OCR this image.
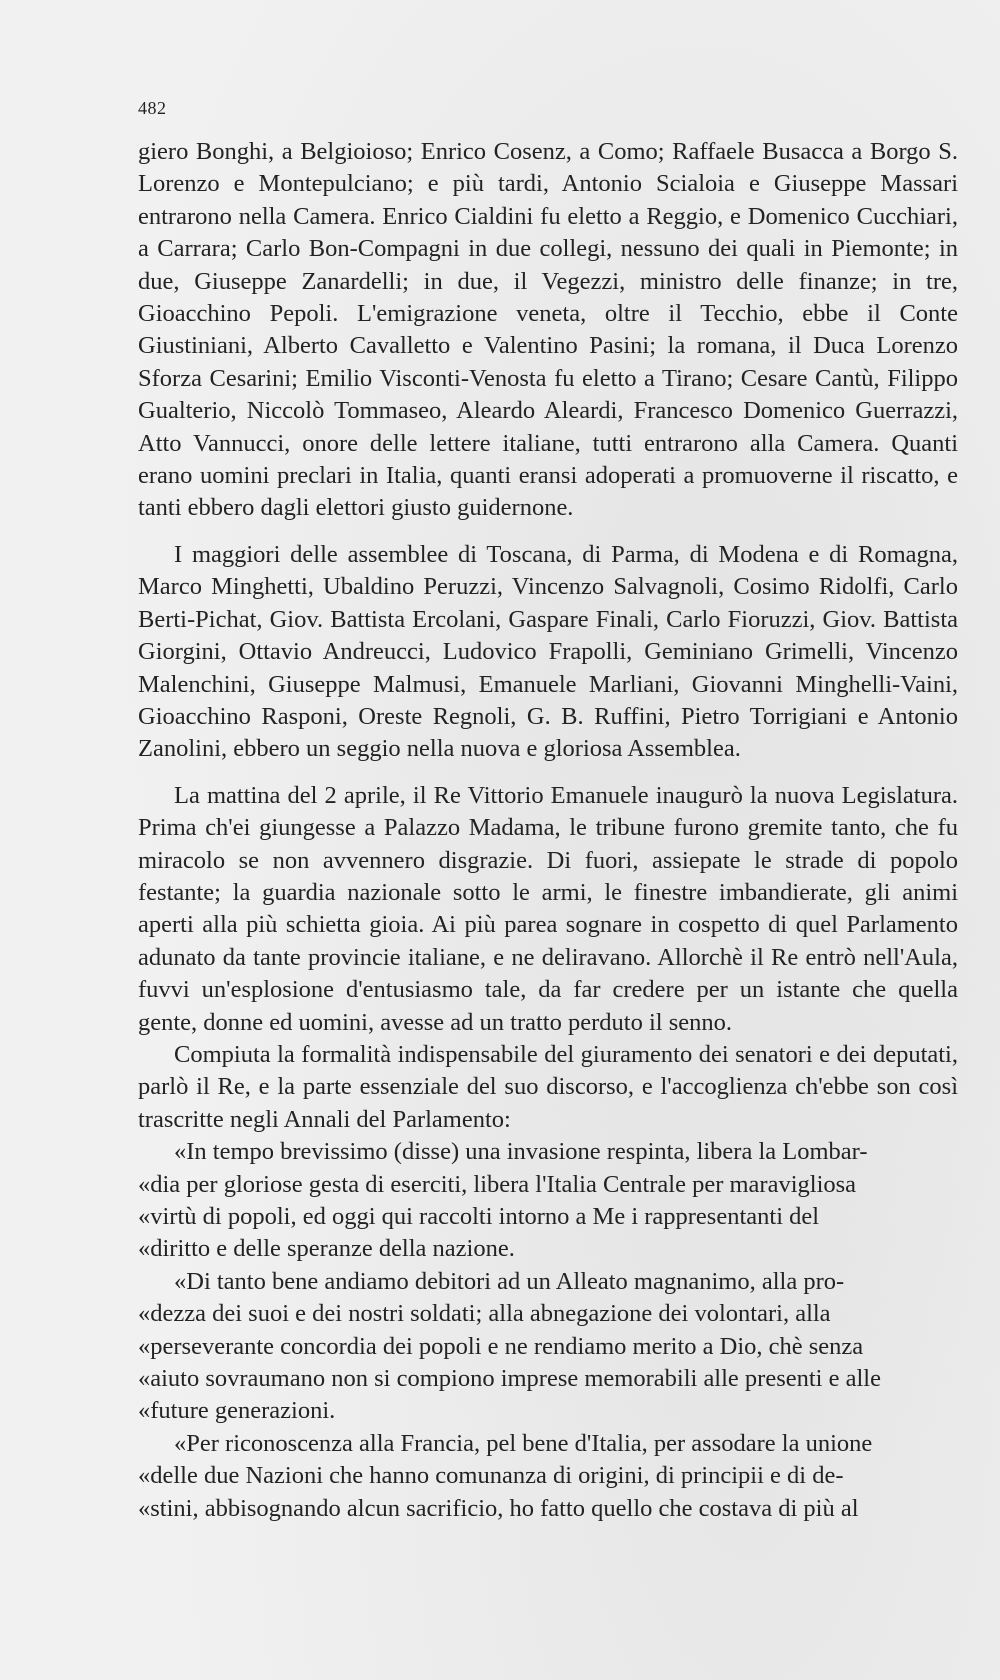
482

giero Bonghi, a Belgioioso; Enrico Cosenz, a Como; Raffaele Busacca a Borgo S. Lorenzo e Montepulciano; e più tardi, Antonio Scialoia e Giuseppe Massari entrarono nella Camera. Enrico Cialdini fu eletto a Reggio, e Domenico Cucchiari, a Carrara; Carlo Bon-Compagni in due collegi, nessuno dei quali in Piemonte; in due, Giuseppe Zanardelli; in due, il Vegezzi, ministro delle finanze; in tre, Gioacchino Pepoli. L'emigrazione veneta, oltre il Tecchio, ebbe il Conte Giustiniani, Alberto Cavalletto e Valentino Pasini; la romana, il Duca Lorenzo Sforza Cesarini; Emilio Visconti-Venosta fu eletto a Tirano; Cesare Cantù, Filippo Gualterio, Niccolò Tommaseo, Aleardo Aleardi, Francesco Domenico Guerrazzi, Atto Vannucci, onore delle lettere italiane, tutti entrarono alla Camera. Quanti erano uomini preclari in Italia, quanti eransi adoperati a promuoverne il riscatto, e tanti ebbero dagli elettori giusto guidernone.

I maggiori delle assemblee di Toscana, di Parma, di Modena e di Romagna, Marco Minghetti, Ubaldino Peruzzi, Vincenzo Salvagnoli, Cosimo Ridolfi, Carlo Berti-Pichat, Giov. Battista Ercolani, Gaspare Finali, Carlo Fioruzzi, Giov. Battista Giorgini, Ottavio Andreucci, Ludovico Frapolli, Geminiano Grimelli, Vincenzo Malenchini, Giuseppe Malmusi, Emanuele Marliani, Giovanni Minghelli-Vaini, Gioacchino Rasponi, Oreste Regnoli, G. B. Ruffini, Pietro Torrigiani e Antonio Zanolini, ebbero un seggio nella nuova e gloriosa Assemblea.

La mattina del 2 aprile, il Re Vittorio Emanuele inaugurò la nuova Legislatura. Prima ch'ei giungesse a Palazzo Madama, le tribune furono gremite tanto, che fu miracolo se non avvennero disgrazie. Di fuori, assiepate le strade di popolo festante; la guardia nazionale sotto le armi, le finestre imbandierate, gli animi aperti alla più schietta gioia. Ai più parea sognare in cospetto di quel Parlamento adunato da tante provincie italiane, e ne deliravano. Allorchè il Re entrò nell'Aula, fuvvi un'esplosione d'entusiasmo tale, da far credere per un istante che quella gente, donne ed uomini, avesse ad un tratto perduto il senno.

Compiuta la formalità indispensabile del giuramento dei senatori e dei deputati, parlò il Re, e la parte essenziale del suo discorso, e l'accoglienza ch'ebbe son così trascritte negli Annali del Parlamento:

«In tempo brevissimo (disse) una invasione respinta, libera la Lombar-
«dia per gloriose gesta di eserciti, libera l'Italia Centrale per maravigliosa
«virtù di popoli, ed oggi qui raccolti intorno a Me i rappresentanti del
«diritto e delle speranze della nazione.

«Di tanto bene andiamo debitori ad un Alleato magnanimo, alla pro-
«dezza dei suoi e dei nostri soldati; alla abnegazione dei volontari, alla
«perseverante concordia dei popoli e ne rendiamo merito a Dio, chè senza
«aiuto sovraumano non si compiono imprese memorabili alle presenti e alle
«future generazioni.

«Per riconoscenza alla Francia, pel bene d'Italia, per assodare la unione
«delle due Nazioni che hanno comunanza di origini, di principii e di de-
«stini, abbisognando alcun sacrificio, ho fatto quello che costava di più al
